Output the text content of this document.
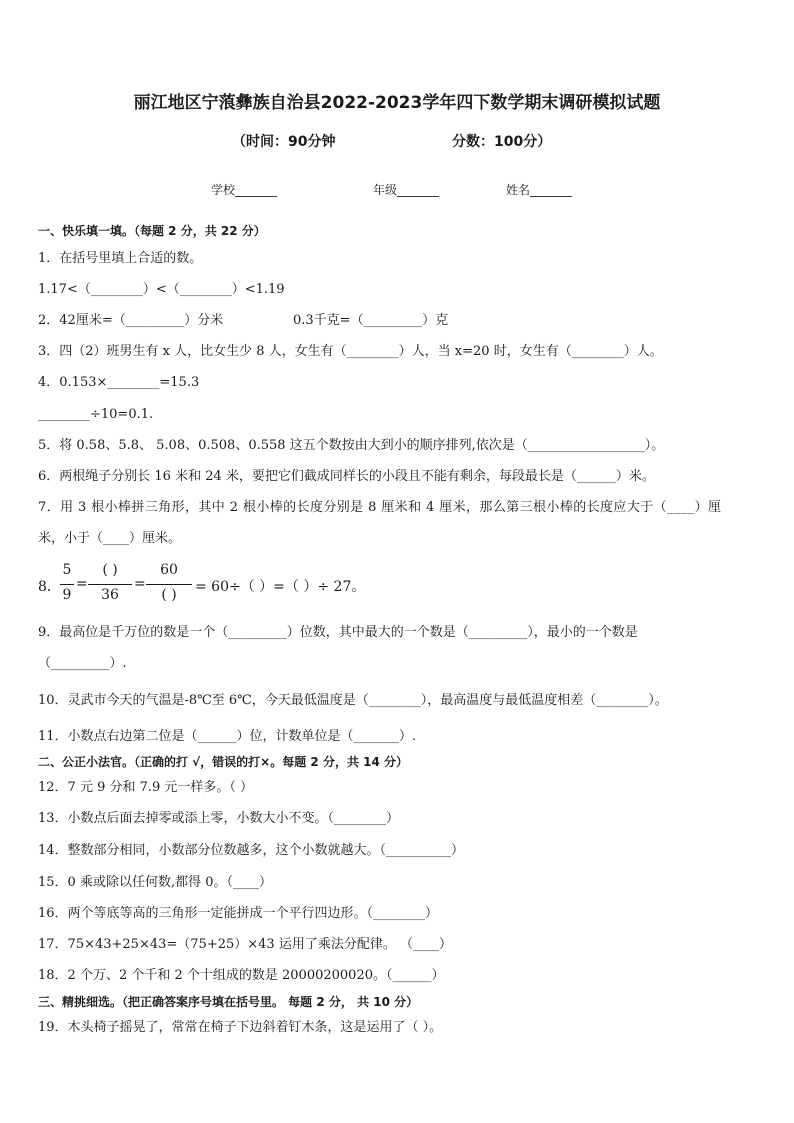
丽江地区宁蒗彝族自治县2022-2023学年四下数学期末调研模拟试题
（时间：90分钟	分数：100分）
学校_______	年级_______	姓名_______
一、快乐填一填。（每题 2 分，共 22 分）
1．在括号里填上合适的数。
1.17<（________）<（________）<1.19
2．42厘米=（_________）分米	0.3千克=（_________）克
3．四（2）班男生有 x 人，比女生少 8 人，女生有（________）人，当 x=20 时，女生有（________）人。
4．0.153×________=15.3
________÷10=0.1.
5．将 0.58、5.8、 5.08、0.508、0.558 这五个数按由大到小的顺序排列,依次是（__________________）。
6．两根绳子分别长 16 米和 24 米，要把它们截成同样长的小段且不能有剩余，每段最长是（______）米。
7．用 3 根小棒拼三角形，其中 2 根小棒的长度分别是 8 厘米和 4 厘米，那么第三根小棒的长度应大于（____）厘
米，小于（____）厘米。
8．
5
9
=
( )
36
=
60
( )	= 60÷（ ）=（ ）÷ 27。
9．最高位是千万位的数是一个（_________）位数，其中最大的一个数是（_________），最小的一个数是
（_________）.
10．灵武市今天的气温是-8℃至 6℃，今天最低温度是（________），最高温度与最低温度相差（________）。
11．小数点右边第二位是（______）位，计数单位是（_______）.
二、公正小法官。（正确的打 √，错误的打×。每题 2 分，共 14 分）
12．7 元 9 分和 7.9 元一样多。（ ）
13．小数点后面去掉零或添上零，小数大小不变。（________）
14．整数部分相同，小数部分位数越多，这个小数就越大。（__________）
15．0 乘或除以任何数,都得 0。（____）
16．两个等底等高的三角形一定能拼成一个平行四边形。（________）
17．75×43+25×43=（75+25）×43 运用了乘法分配律。 （____）
18．2 个万、2 个千和 2 个十组成的数是 20000200020。（______）
三、精挑细选。（把正确答案序号填在括号里。 每题 2 分， 共 10 分）
19．木头椅子摇晃了，常常在椅子下边斜着钉木条，这是运用了（ ）。
